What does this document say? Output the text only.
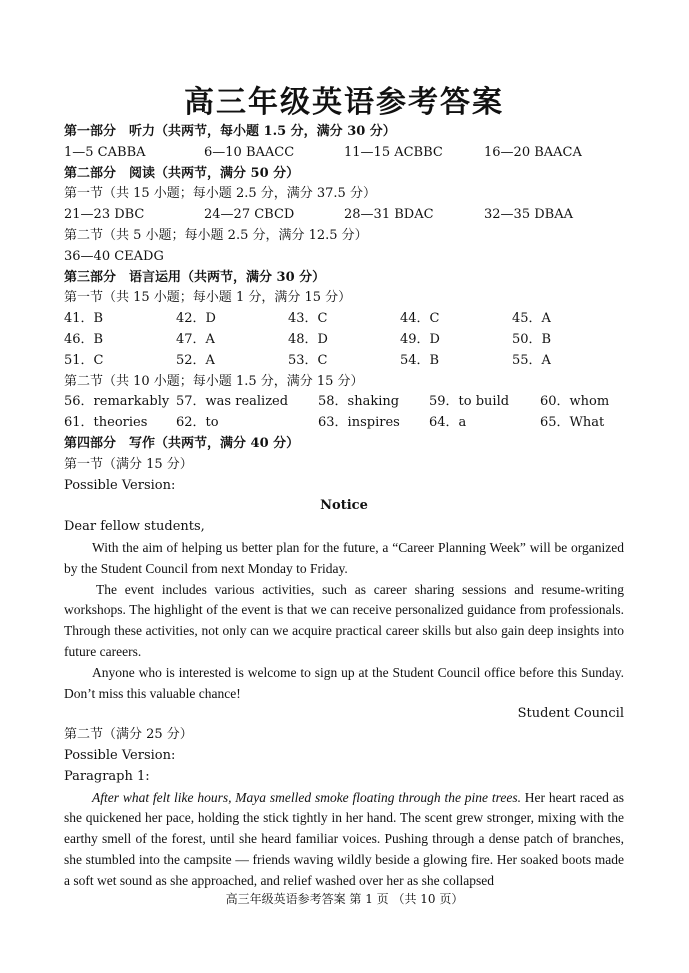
高三年级英语参考答案
第一部分　听力（共两节，每小题 1.5 分，满分 30 分）
1—5 CABBA	6—10 BAACC	11—15 ACBBC	16—20 BAACA
第二部分　阅读（共两节，满分 50 分）
第一节（共 15 小题；每小题 2.5 分，满分 37.5 分）
21—23 DBC	24—27 CBCD	28—31 BDAC	32—35 DBAA
第二节（共 5 小题；每小题 2.5 分，满分 12.5 分）
36—40 CEADG
第三部分　语言运用（共两节，满分 30 分）
第一节（共 15 小题；每小题 1 分，满分 15 分）
41．B	42．D	43．C	44．C	45．A
46．B	47．A	48．D	49．D	50．B
51．C	52．A	53．C	54．B	55．A
第二节（共 10 小题；每小题 1.5 分，满分 15 分）
56．remarkably 57．was realized 58．shaking 59．to build 60．whom
61．theories 62．to	63．inspires 64．a	65．What
第四部分　写作（共两节，满分 40 分）
第一节（满分 15 分）
Possible Version:
Notice
Dear fellow students,

With the aim of helping us better plan for the future, a “Career Planning Week” will be organized by the Student Council from next Monday to Friday.

The event includes various activities, such as career sharing sessions and resume-writing workshops. The highlight of the event is that we can receive personalized guidance from professionals. Through these activities, not only can we acquire practical career skills but also gain deep insights into future careers.

Anyone who is interested is welcome to sign up at the Student Council office before this Sunday. Don’t miss this valuable chance!

Student Council
第二节（满分 25 分）
Possible Version:
Paragraph 1:

After what felt like hours, Maya smelled smoke floating through the pine trees. Her heart raced as she quickened her pace, holding the stick tightly in her hand. The scent grew stronger, mixing with the earthy smell of the forest, until she heard familiar voices. Pushing through a dense patch of branches, she stumbled into the campsite — friends waving wildly beside a glowing fire. Her soaked boots made a soft wet sound as she approached, and relief washed over her as she collapsed

高三年级英语参考答案 第 1 页 （共 10 页）
